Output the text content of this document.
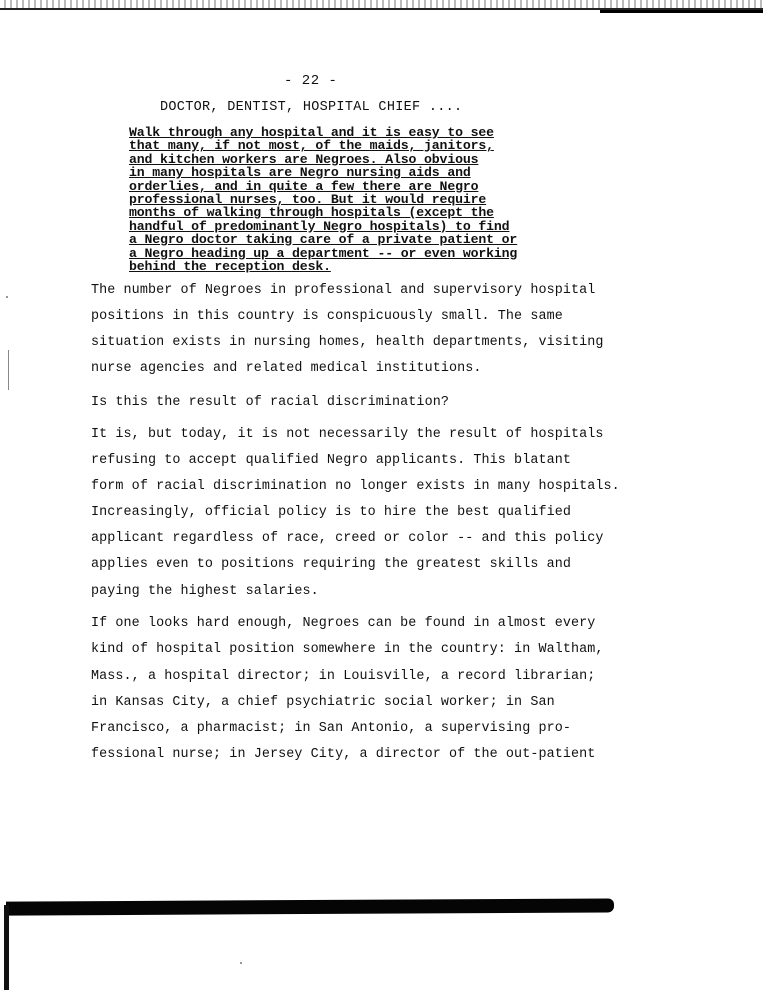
- 22 -
DOCTOR, DENTIST, HOSPITAL CHIEF ....
Walk through any hospital and it is easy to see
that many, if not most, of the maids, janitors,
and kitchen workers are Negroes. Also obvious
in many hospitals are Negro nursing aids and
orderlies, and in quite a few there are Negro
professional nurses, too. But it would require
months of walking through hospitals (except the
handful of predominantly Negro hospitals) to find
a Negro doctor taking care of a private patient or
a Negro heading up a department -- or even working
behind the reception desk.
The number of Negroes in professional and supervisory hospital
positions in this country is conspicuously small. The same
situation exists in nursing homes, health departments, visiting
nurse agencies and related medical institutions.
Is this the result of racial discrimination?
It is, but today, it is not necessarily the result of hospitals
refusing to accept qualified Negro applicants. This blatant
form of racial discrimination no longer exists in many hospitals.
Increasingly, official policy is to hire the best qualified
applicant regardless of race, creed or color -- and this policy
applies even to positions requiring the greatest skills and
paying the highest salaries.
If one looks hard enough, Negroes can be found in almost every
kind of hospital position somewhere in the country: in Waltham,
Mass., a hospital director; in Louisville, a record librarian;
in Kansas City, a chief psychiatric social worker; in San
Francisco, a pharmacist; in San Antonio, a supervising pro-
fessional nurse; in Jersey City, a director of the out-patient
